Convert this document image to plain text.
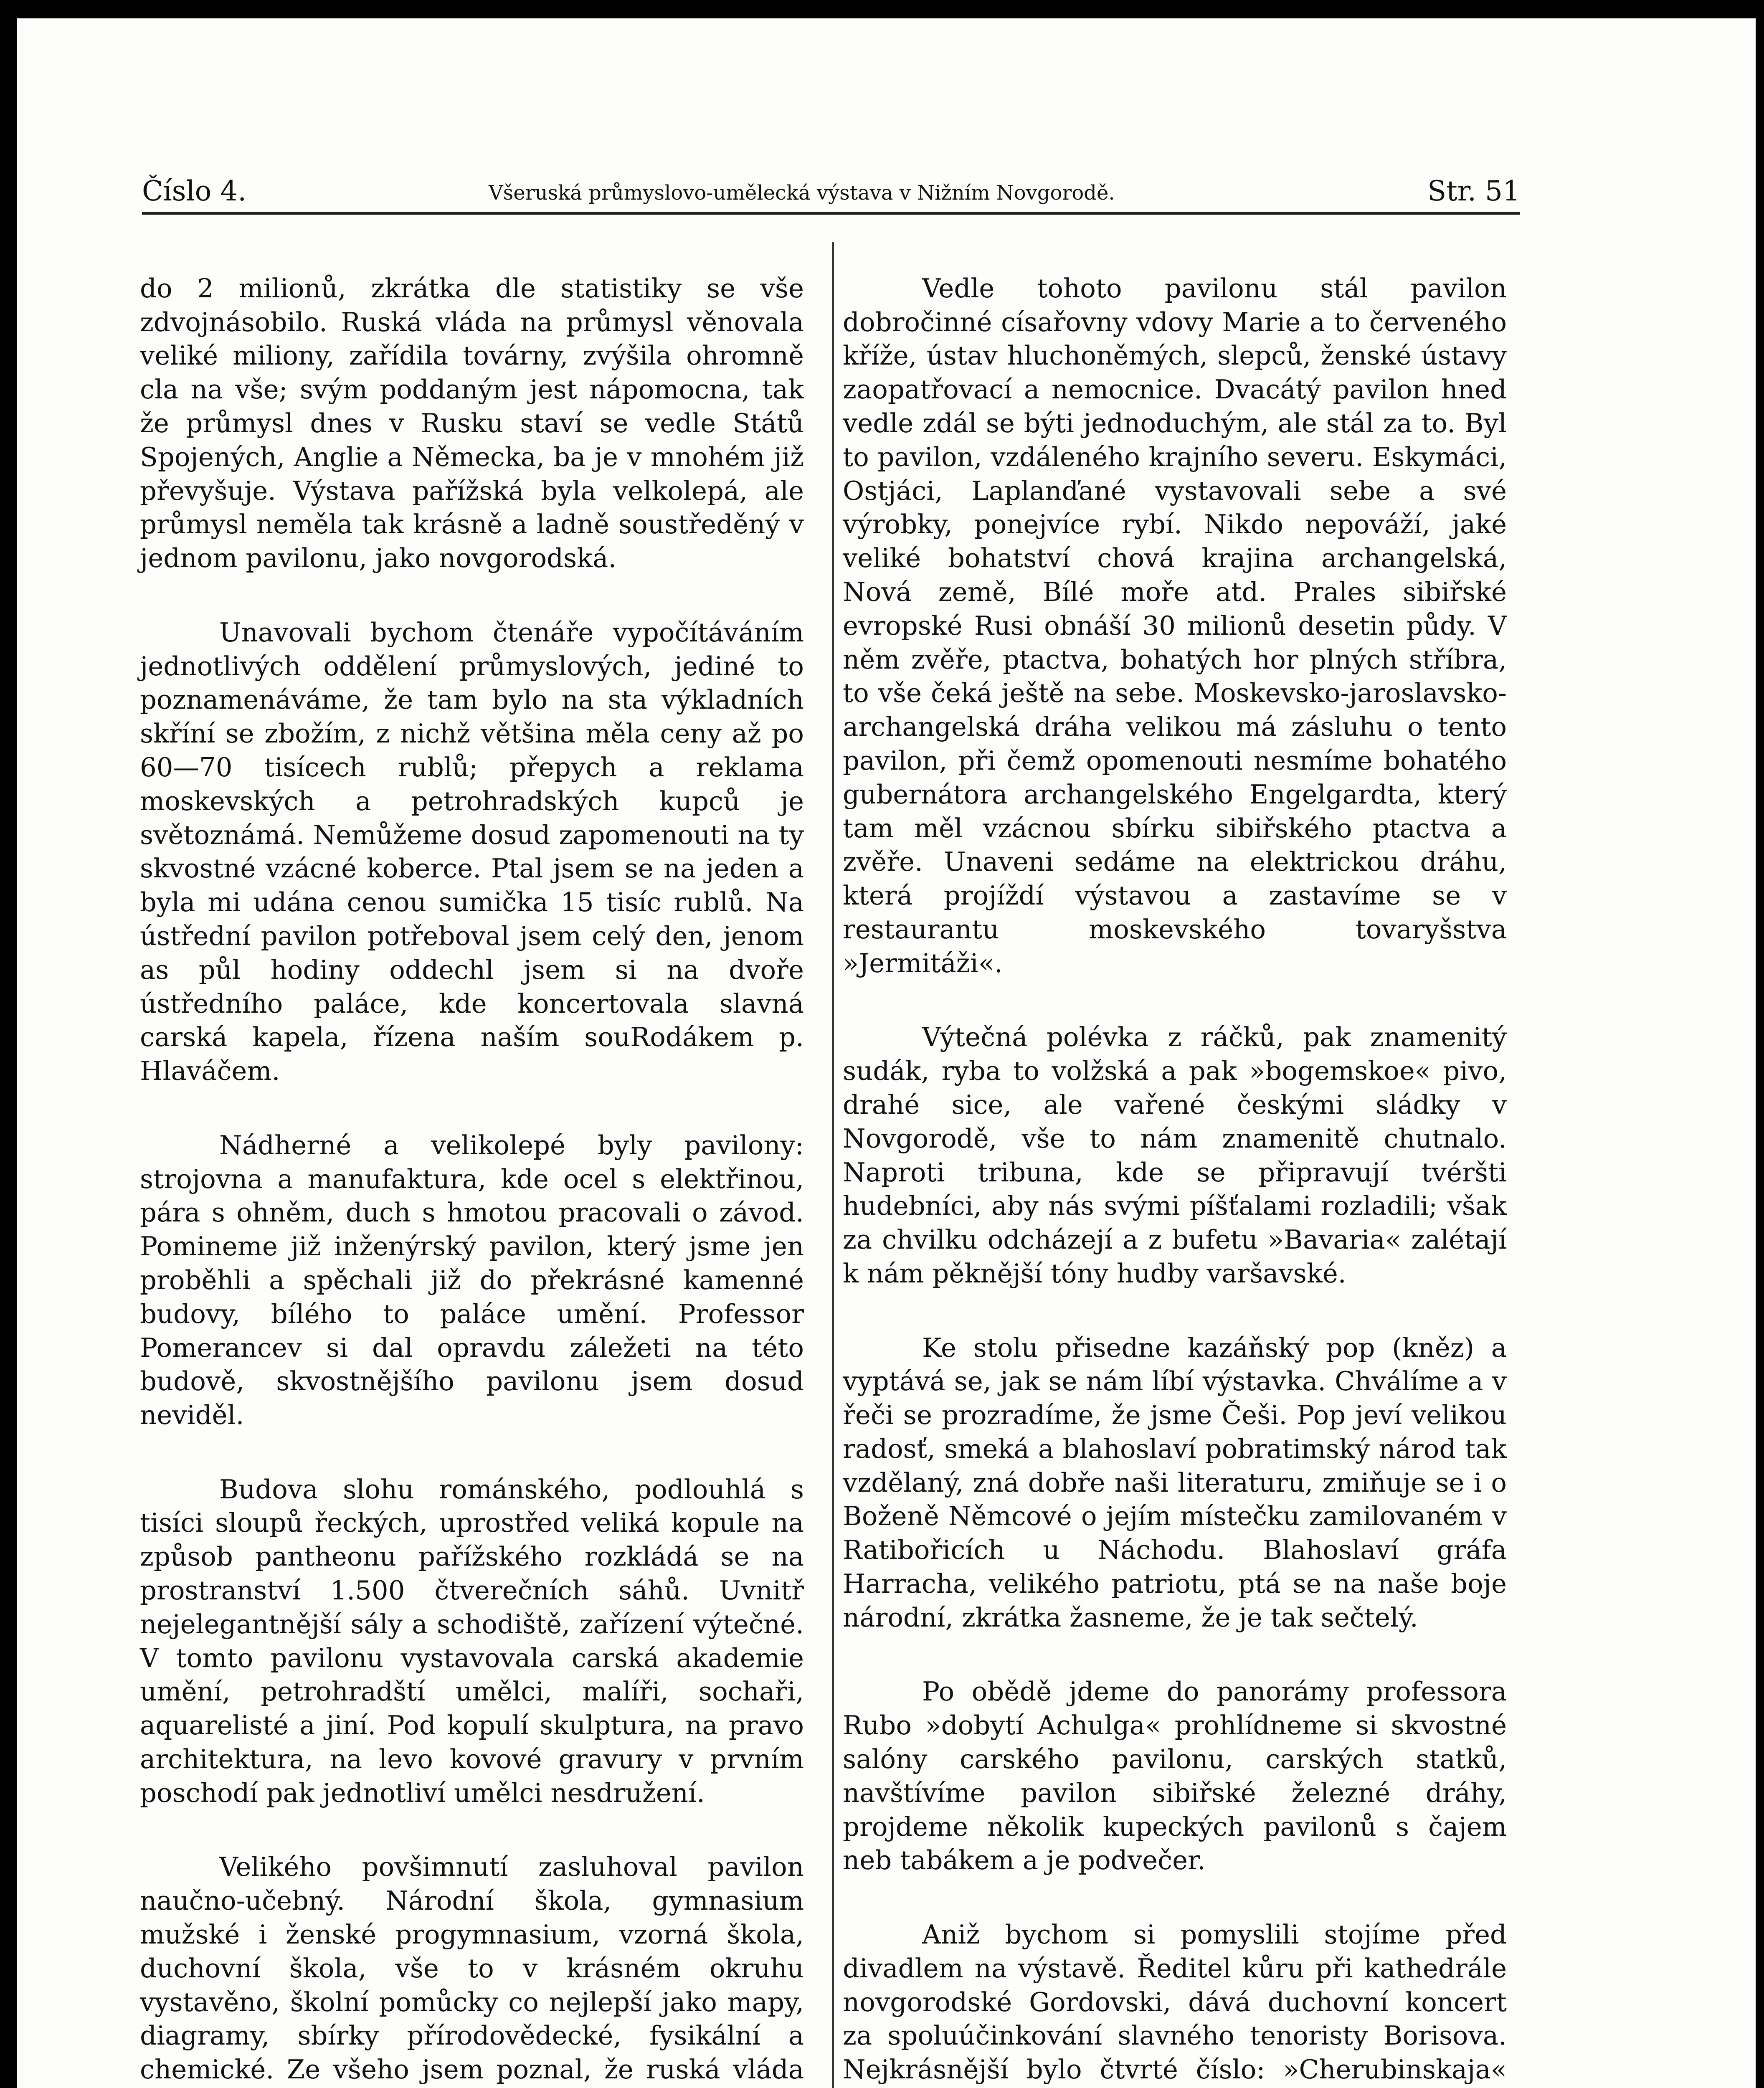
Číslo 4.	Všeruská průmyslovo-umělecká výstava v Nižním Novgorodě.	Str. 51

do 2 milionů, zkrátka dle statistiky se vše zdvojnásobilo. Ruská vláda na průmysl věnovala veliké miliony, zařídila továrny, zvýšila ohromně cla na vše; svým poddaným jest nápomocna, tak že průmysl dnes v Rusku staví se vedle Států Spojených, Anglie a Německa, ba je v mnohém již převyšuje. Výstava pařížská byla velkolepá, ale průmysl neměla tak krásně a ladně soustředěný v jednom pavilonu, jako novgorodská.

Unavovali bychom čtenáře vypočítáváním jednotlivých oddělení průmyslových, jediné to poznamenáváme, že tam bylo na sta výkladních skříní se zbožím, z nichž většina měla ceny až po 60—70 tisícech rublů; přepych a reklama moskevských a petrohradských kupců je světoznámá. Nemůžeme dosud zapomenouti na ty skvostné vzácné koberce. Ptal jsem se na jeden a byla mi udána cenou sumička 15 tisíc rublů. Na ústřední pavilon potřeboval jsem celý den, jenom as půl hodiny oddechl jsem si na dvoře ústředního paláce, kde koncertovala slavná carská kapela, řízena naším souRodákem p. Hlaváčem.

Nádherné a velikolepé byly pavilony: strojovna a manufaktura, kde ocel s elektřinou, pára s ohněm, duch s hmotou pracovali o závod. Pomineme již inženýrský pavilon, který jsme jen proběhli a spěchali již do překrásné kamenné budovy, bílého to paláce umění. Professor Pomerancev si dal opravdu záležeti na této budově, skvostnějšího pavilonu jsem dosud neviděl.

Budova slohu románského, podlouhlá s tisíci sloupů řeckých, uprostřed veliká kopule na způsob pantheonu pařížského rozkládá se na prostranství 1.500 čtverečních sáhů. Uvnitř nejelegantnější sály a schodiště, zařízení výtečné. V tomto pavilonu vystavovala carská akademie umění, petrohradští umělci, malíři, sochaři, aquarelisté a jiní. Pod kopulí skulptura, na pravo architektura, na levo kovové gravury v prvním poschodí pak jednotliví umělci nesdružení.

Velikého povšimnutí zasluhoval pavilon naučno-učebný. Národní škola, gymnasium mužské i ženské progymnasium, vzorná škola, duchovní škola, vše to v krásném okruhu vystavěno, školní pomůcky co nejlepší jako mapy, diagramy, sbírky přírodovědecké, fysikální a chemické. Ze všeho jsem poznal, že ruská vláda

Vedle tohoto pavilonu stál pavilon dobročinné císařovny vdovy Marie a to červeného kříže, ústav hluchoněmých, slepců, ženské ústavy zaopatřovací a nemocnice. Dvacátý pavilon hned vedle zdál se býti jednoduchým, ale stál za to. Byl to pavilon, vzdáleného krajního severu. Eskymáci, Ostjáci, Laplanďané vystavovali sebe a své výrobky, ponejvíce rybí. Nikdo nepováží, jaké veliké bohatství chová krajina archangelská, Nová země, Bílé moře atd. Prales sibiřské evropské Rusi obnáší 30 milionů desetin půdy. V něm zvěře, ptactva, bohatých hor plných stříbra, to vše čeká ještě na sebe. Moskevsko-jaroslavsko-archangelská dráha velikou má zásluhu o tento pavilon, při čemž opomenouti nesmíme bohatého gubernátora archangelského Engelgardta, který tam měl vzácnou sbírku sibiřského ptactva a zvěře. Unaveni sedáme na elektrickou dráhu, která projíždí výstavou a zastavíme se v restaurantu moskevského tovaryšstva »Jermitáži«.

Výtečná polévka z ráčků, pak znamenitý sudák, ryba to volžská a pak »bogemskoe« pivo, drahé sice, ale vařené českými sládky v Novgorodě, vše to nám znamenitě chutnalo. Naproti tribuna, kde se připravují tvéršti hudebníci, aby nás svými píšťalami rozladili; však za chvilku odcházejí a z bufetu »Bavaria« zalétají k nám pěknější tóny hudby varšavské.

Ke stolu přisedne kazáňský pop (kněz) a vyptává se, jak se nám líbí výstavka. Chválíme a v řeči se prozradíme, že jsme Češi. Pop jeví velikou radosť, smeká a blahoslaví pobratimský národ tak vzdělaný, zná dobře naši literaturu, zmiňuje se i o Boženě Němcové o jejím místečku zamilovaném v Ratibořicích u Náchodu. Blahoslaví gráfa Harracha, velikého patriotu, ptá se na naše boje národní, zkrátka žasneme, že je tak sečtelý.

Po obědě jdeme do panorámy professora Rubo »dobytí Achulga« prohlídneme si skvostné salóny carského pavilonu, carských statků, navštívíme pavilon sibiřské železné dráhy, projdeme několik kupeckých pavilonů s čajem neb tabákem a je podvečer.

Aniž bychom si pomyslili stojíme před divadlem na výstavě. Ředitel kůru při kathedrále novgorodské Gordovski, dává duchovní koncert za spoluúčinkování slavného tenoristy Borisova. Nejkrásnější bylo čtvrté číslo: »Cherubinskaja«
